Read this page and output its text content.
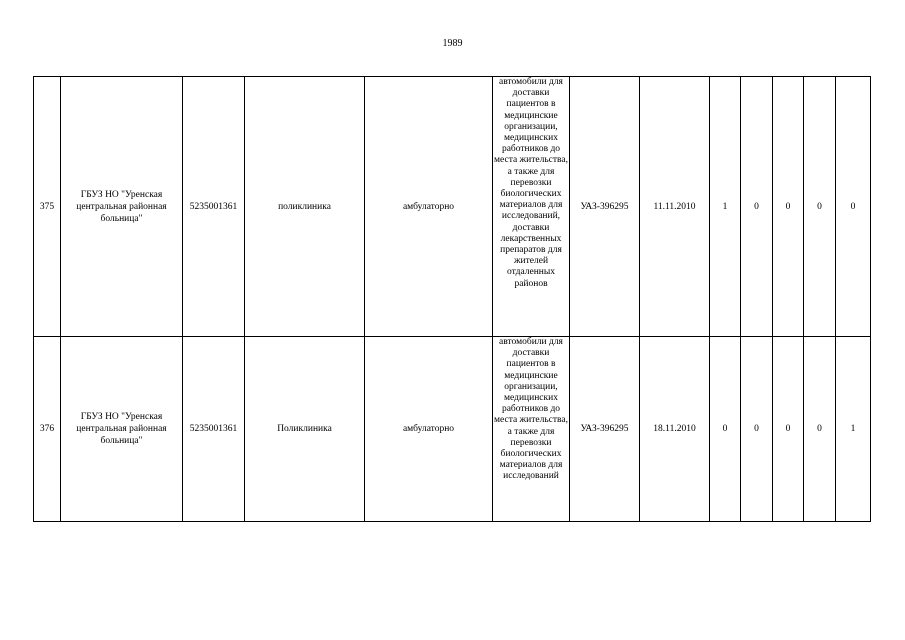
1989
375	ГБУЗ НО "Уренская центральная районная больница"	5235001361	поликлиника	амбулаторно	автомобили для доставки пациентов в медицинские организации, медицинских работников до места жительства, а также для перевозки биологических материалов для исследований, доставки лекарственных препаратов для жителей отдаленных районов	УАЗ-396295	11.11.2010	1	0	0	0	0
376	ГБУЗ НО "Уренская центральная районная больница"	5235001361	Поликлиника	амбулаторно	автомобили для доставки пациентов в медицинские организации, медицинских работников до места жительства, а также для перевозки биологических материалов для исследований	УАЗ-396295	18.11.2010	0	0	0	0	1
